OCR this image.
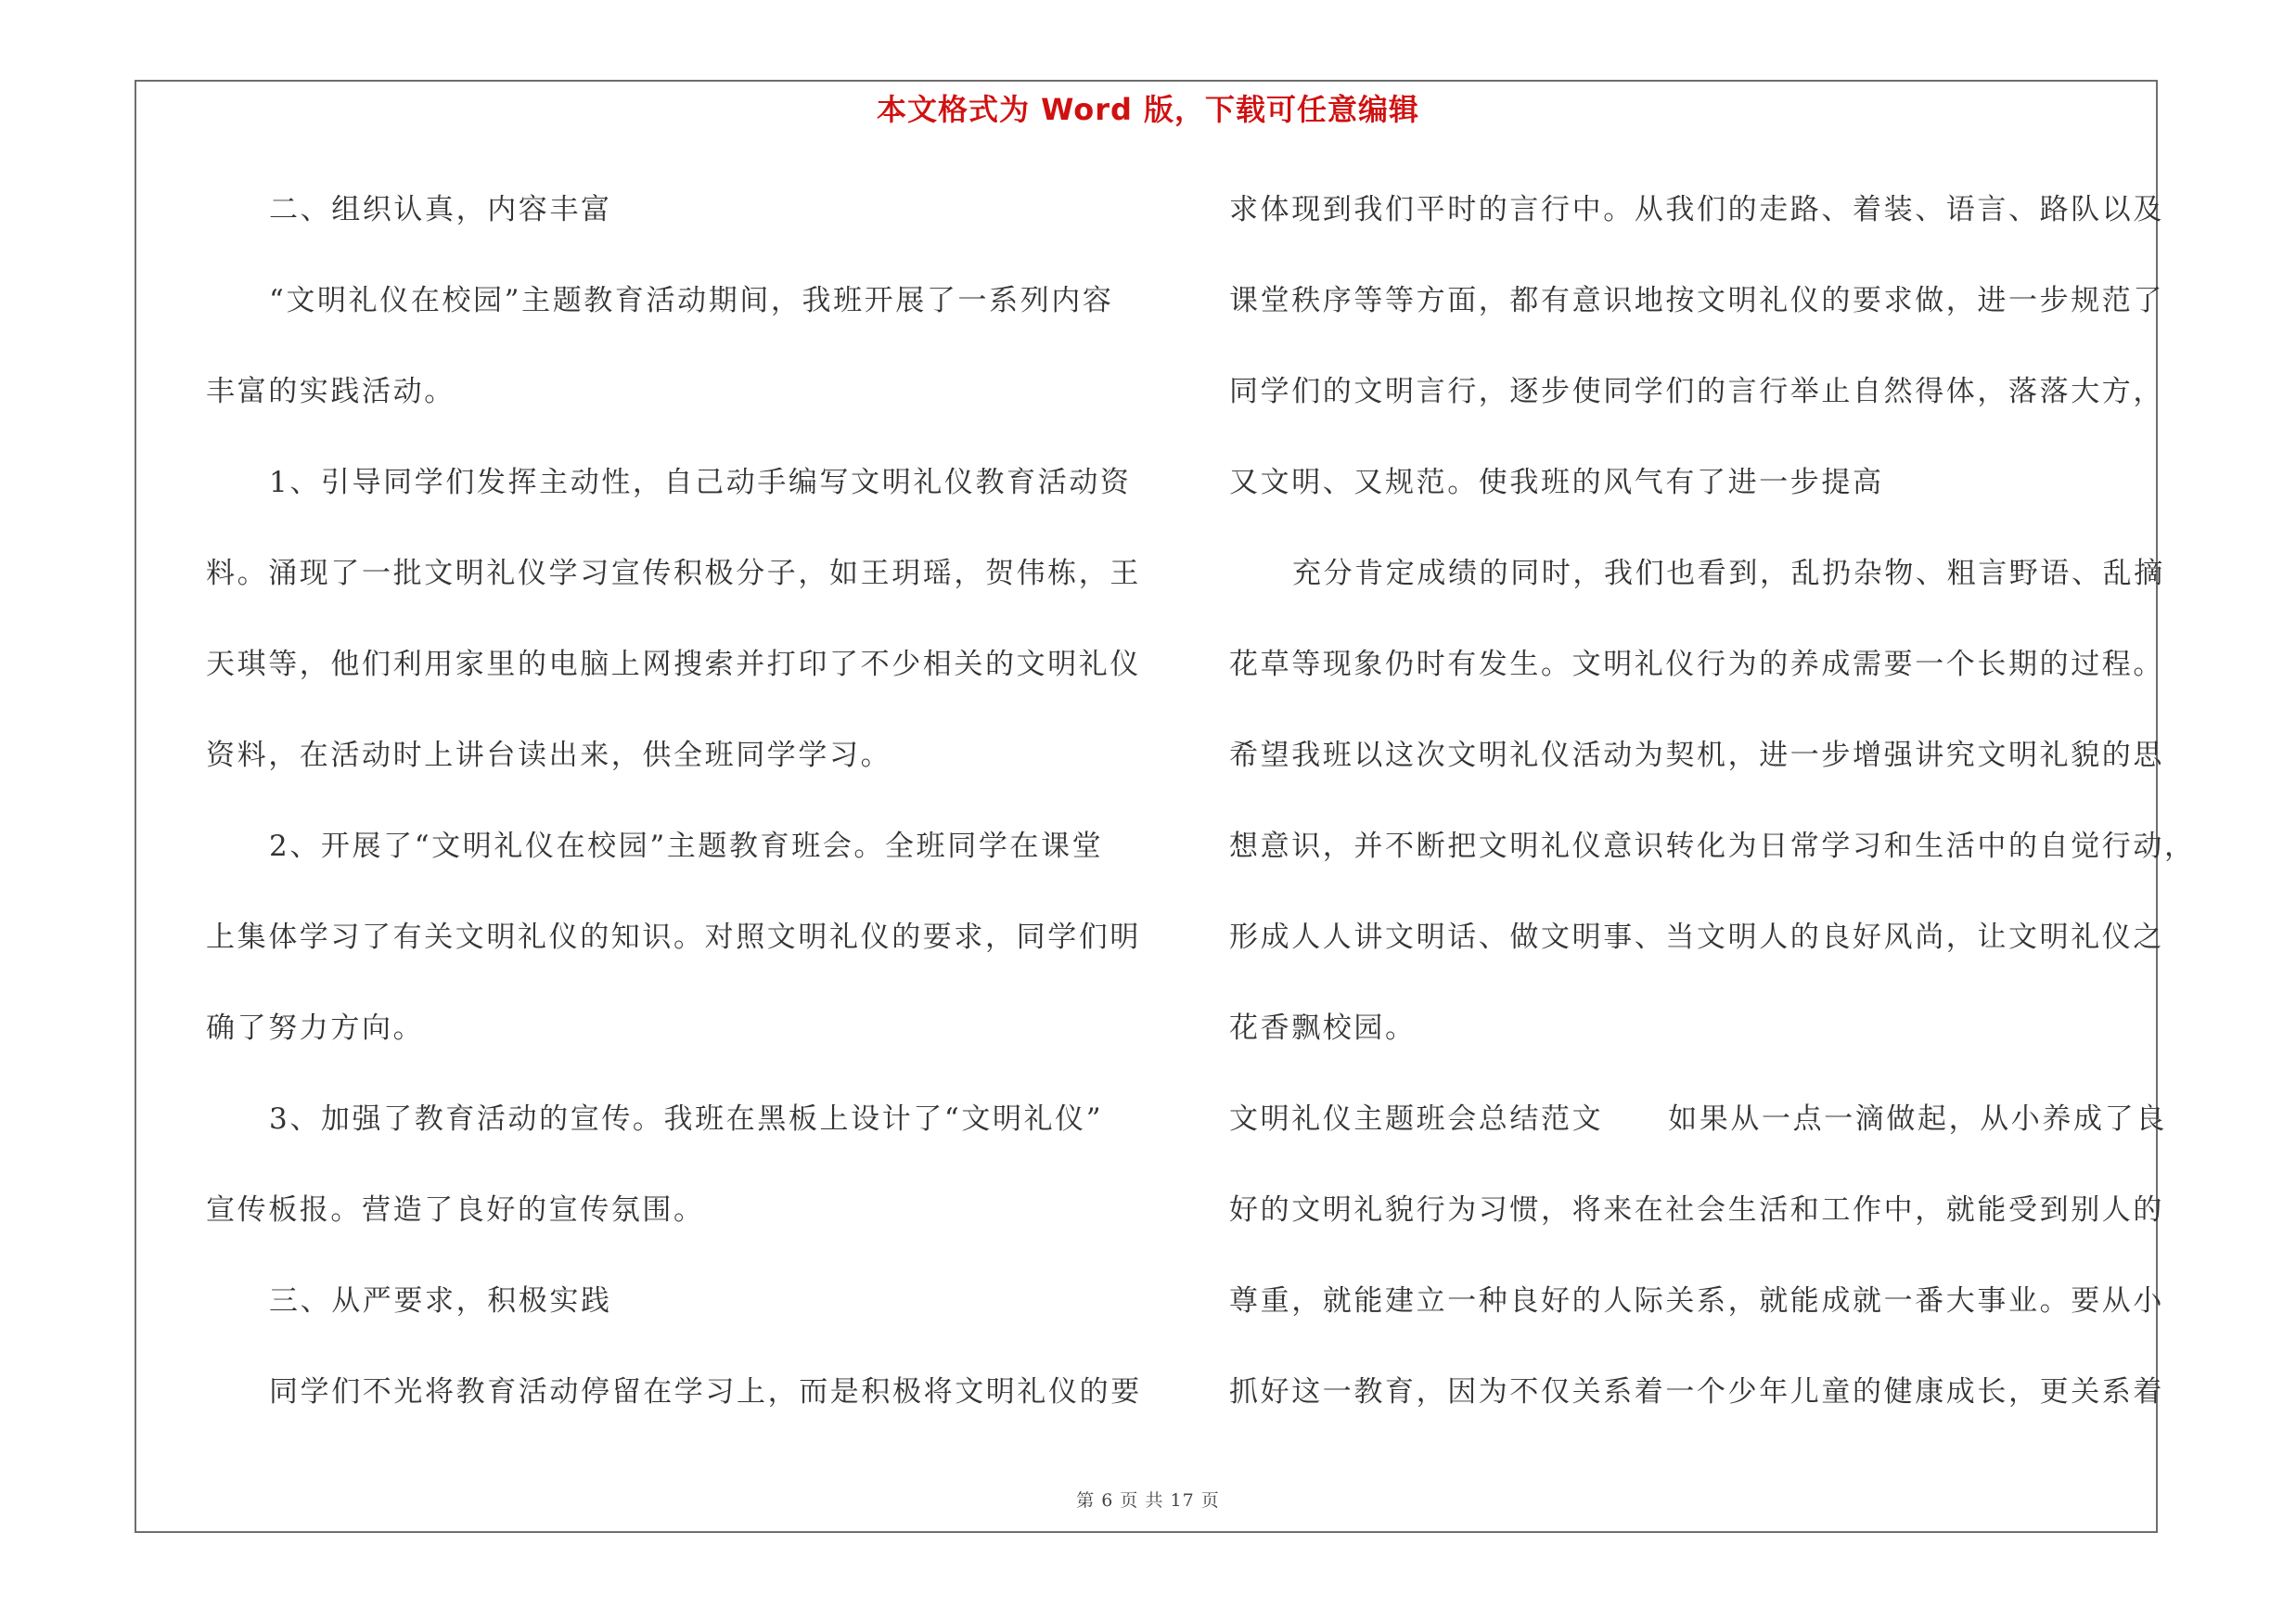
本文格式为 Word 版，下载可任意编辑
二、组织认真，内容丰富
“文明礼仪在校园”主题教育活动期间，我班开展了一系列内容
丰富的实践活动。
1、引导同学们发挥主动性，自己动手编写文明礼仪教育活动资
料。涌现了一批文明礼仪学习宣传积极分子，如王玥瑶，贺伟栋，王
天琪等，他们利用家里的电脑上网搜索并打印了不少相关的文明礼仪
资料，在活动时上讲台读出来，供全班同学学习。
2、开展了“文明礼仪在校园”主题教育班会。全班同学在课堂
上集体学习了有关文明礼仪的知识。对照文明礼仪的要求，同学们明
确了努力方向。
3、加强了教育活动的宣传。我班在黑板上设计了“文明礼仪”
宣传板报。营造了良好的宣传氛围。
三、从严要求，积极实践
同学们不光将教育活动停留在学习上，而是积极将文明礼仪的要
求体现到我们平时的言行中。从我们的走路、着装、语言、路队以及
课堂秩序等等方面，都有意识地按文明礼仪的要求做，进一步规范了
同学们的文明言行，逐步使同学们的言行举止自然得体，落落大方，
又文明、又规范。使我班的风气有了进一步提高
充分肯定成绩的同时，我们也看到，乱扔杂物、粗言野语、乱摘
花草等现象仍时有发生。文明礼仪行为的养成需要一个长期的过程。
希望我班以这次文明礼仪活动为契机，进一步增强讲究文明礼貌的思
想意识，并不断把文明礼仪意识转化为日常学习和生活中的自觉行动，
形成人人讲文明话、做文明事、当文明人的良好风尚，让文明礼仪之
花香飘校园。
文明礼仪主题班会总结范文 如果从一点一滴做起，从小养成了良
好的文明礼貌行为习惯，将来在社会生活和工作中，就能受到别人的
尊重，就能建立一种良好的人际关系，就能成就一番大事业。要从小
抓好这一教育，因为不仅关系着一个少年儿童的健康成长，更关系着
第 6 页 共 17 页
